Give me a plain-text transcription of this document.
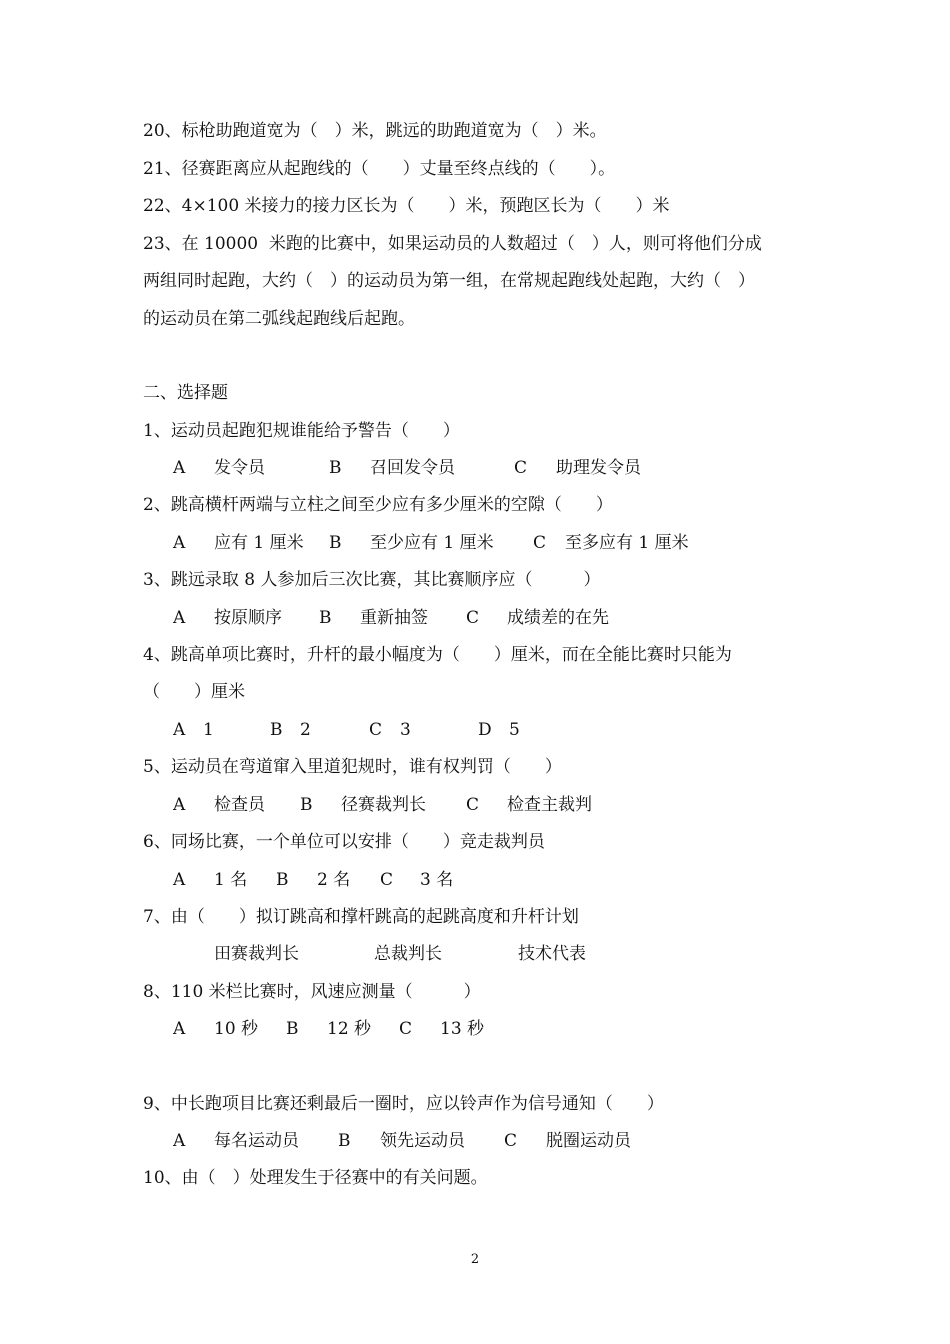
20、标枪助跑道宽为（　）米，跳远的助跑道宽为（　）米。
21、径赛距离应从起跑线的（　　）丈量至终点线的（　　）。
22、4×100 米接力的接力区长为（　　）米，预跑区长为（　　）米
23、在 10000  米跑的比赛中，如果运动员的人数超过（　）人，则可将他们分成
两组同时起跑，大约（　）的运动员为第一组，在常规起跑线处起跑，大约（　）
的运动员在第二弧线起跑线后起跑。
二、选择题
1、运动员起跑犯规谁能给予警告（　　）
A 发令员	B 召回发令员	C 助理发令员
2、跳高横杆两端与立柱之间至少应有多少厘米的空隙（　　）
A 应有 1 厘米 B 至少应有 1 厘米 C 至多应有 1 厘米
3、跳远录取 8 人参加后三次比赛，其比赛顺序应（　　　）
A 按原顺序 B 重新抽签 C 成绩差的在先
4、跳高单项比赛时，升杆的最小幅度为（　　）厘米，而在全能比赛时只能为
（　　）厘米
A 1	B 2	C 3	D 5
5、运动员在弯道窜入里道犯规时，谁有权判罚（　　）
A 检查员 B 径赛裁判长 C 检查主裁判
6、同场比赛，一个单位可以安排（　　）竞走裁判员
A 1 名 B 2 名 C 3 名
7、由（　　）拟订跳高和撑杆跳高的起跳高度和升杆计划
田赛裁判长	总裁判长	技术代表
8、110 米栏比赛时，风速应测量（　　　）
A 10 秒 B 12 秒 C 13 秒
9、中长跑项目比赛还剩最后一圈时，应以铃声作为信号通知（　　）
A 每名运动员 B 领先运动员 C 脱圈运动员
10、由（　）处理发生于径赛中的有关问题。
2
